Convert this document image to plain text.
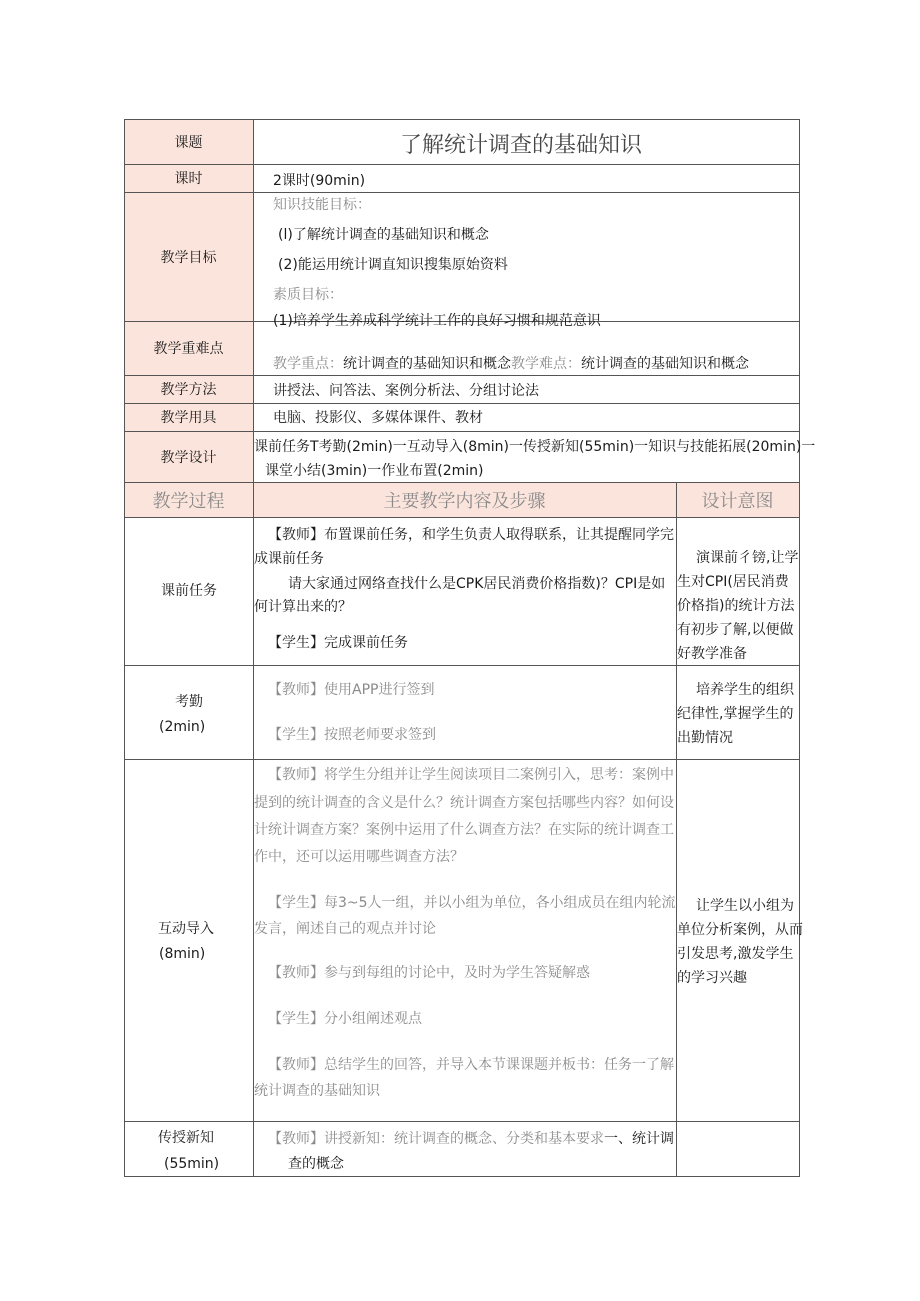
课题
课时
教学目标
教学重难点
教学方法
教学用具
教学设计
教学过程	主要教学内容及步骤	设计意图
了解统计调查的基础知识
2课时(90min)
知识技能目标：
(l)了解统计调查的基础知识和概念
(2)能运用统计调直知识搜集原始资料
素质目标：
(1)培养学生养成科学统计工作的良好习惯和规范意识
教学重点：统计调查的基础知识和概念教学难点：统计调查的基础知识和概念
讲授法、问答法、案例分析法、分组讨论法
电脑、投影仪、多媒体课件、教材
课前任务T考勤(2min)一互动导入(8min)一传授新知(55min)一知识与技能拓展(20min)一
课堂小结(3min)一作业布置(2min)
课前任务
【教师】布置课前任务，和学生负责人取得联系，让其提醒同学完
成课前任务
请大家通过网络查找什么是CPK居民消费价格指数)？CPI是如
何计算出来的？
【学生】完成课前任务
演课前彳镑,让学
生对CPI(居民消费
价格指)的统计方法
有初步了解,以便做
好教学准备
考勤
(2min)
【教师】使用APP进行签到
【学生】按照老师要求签到
培养学生的组织
纪律性,掌握学生的
出勤情况
互动导入
(8min)
【教师】将学生分组并让学生阅读项目二案例引入，思考：案例中
提到的统计调查的含义是什么？统计调查方案包括哪些内容？如何设
计统计调查方案？案例中运用了什么调查方法？在实际的统计调查工
作中，还可以运用哪些调查方法？
【学生】每3~5人一组，并以小组为单位，各小组成员在组内轮流
发言，阐述自己的观点并讨论
【教师】参与到每组的讨论中，及时为学生答疑解惑
【学生】分小组阐述观点
【教师】总结学生的回答，并导入本节课课题并板书：任务一了解
统计调查的基础知识
让学生以小组为
单位分析案例，从而
引发思考,激发学生
的学习兴趣
传授新知
(55min)
【教师】讲授新知：统计调查的概念、分类和基本要求一、统计调
查的概念
